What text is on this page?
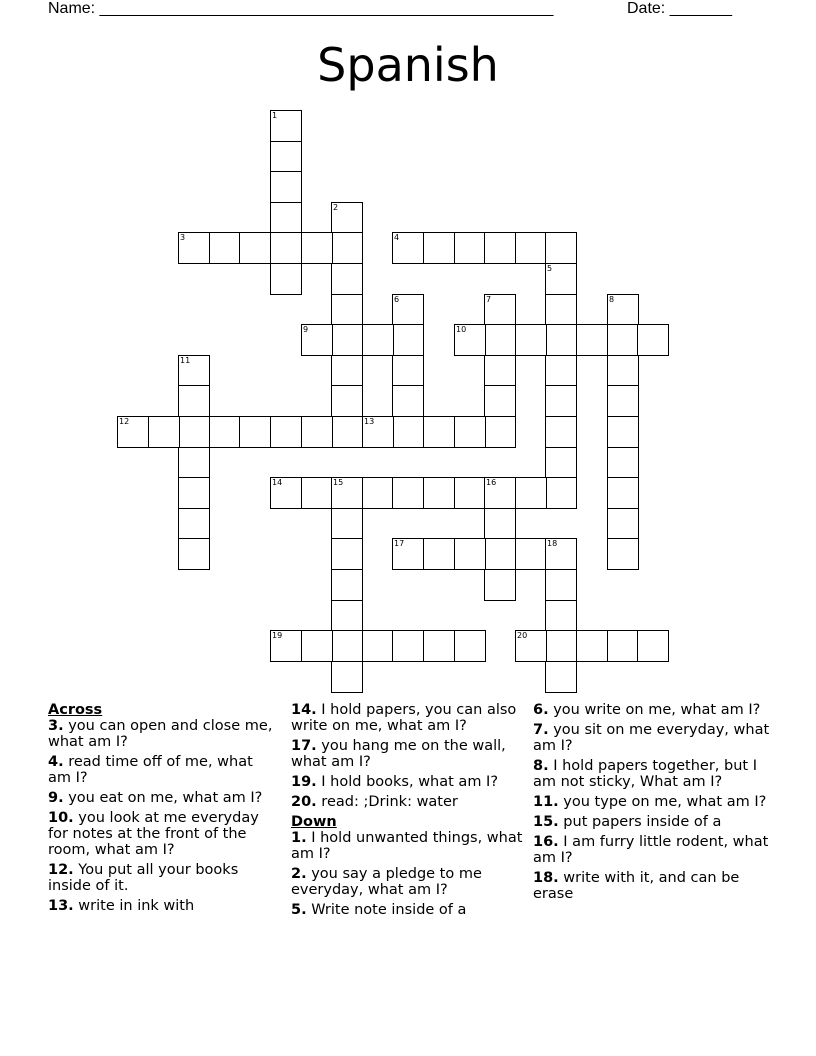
Name: ___________________________________________________	Date: _______
Spanish
1
2
3	4
5
6	7	8
9	10
11
12	13
14	15	16
17	18
19	20

Across

3. you can open and close me, what am I?

4. read time off of me, what am I?

9. you eat on me, what am I?

10. you look at me everyday for notes at the front of the room, what am I?

12. You put all your books inside of it.

13. write in ink with

14. I hold papers, you can also write on me, what am I?

17. you hang me on the wall, what am I?

19. I hold books, what am I?

20. read: ;Drink: water

Down

1. I hold unwanted things, what am I?

2. you say a pledge to me everyday, what am I?

5. Write note inside of a

6. you write on me, what am I?

7. you sit on me everyday, what am I?

8. I hold papers together, but I am not sticky, What am I?

11. you type on me, what am I?

15. put papers inside of a

16. I am furry little rodent, what am I?

18. write with it, and can be erase
